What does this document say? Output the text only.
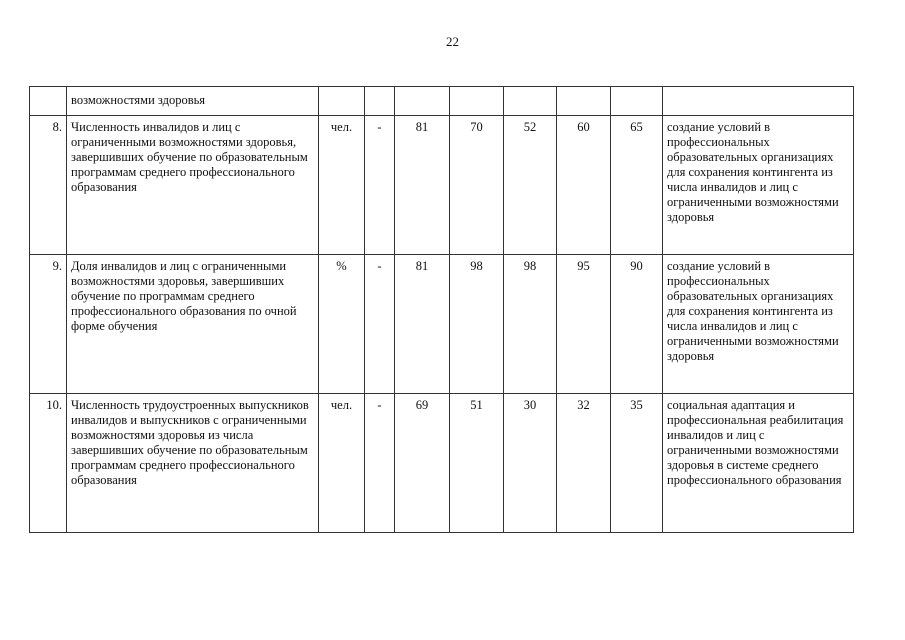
22
	возможностями здоровья								
8.	Численность инвалидов и лиц с ограниченными возможностями здоровья, завершивших обучение по образовательным программам среднего профессионального образования	чел.	-	81	70	52	60	65	создание условий в профессиональных образовательных организациях для сохранения контингента из числа инвалидов и лиц с ограниченными возможностями здоровья
9.	Доля инвалидов и лиц с ограниченными возможностями здоровья, завершивших обучение по программам среднего профессионального образования по очной форме обучения	%	-	81	98	98	95	90	создание условий в профессиональных образовательных организациях для сохранения контингента из числа инвалидов и лиц с ограниченными возможностями здоровья
10.	Численность трудоустроенных выпускников инвалидов и выпускников с ограниченными возможностями здоровья из числа завершивших обучение по образовательным программам среднего профессионального образования	чел.	-	69	51	30	32	35	социальная адаптация и профессиональная реабилитация инвалидов и лиц с ограниченными возможностями здоровья в системе среднего профессионального образования
